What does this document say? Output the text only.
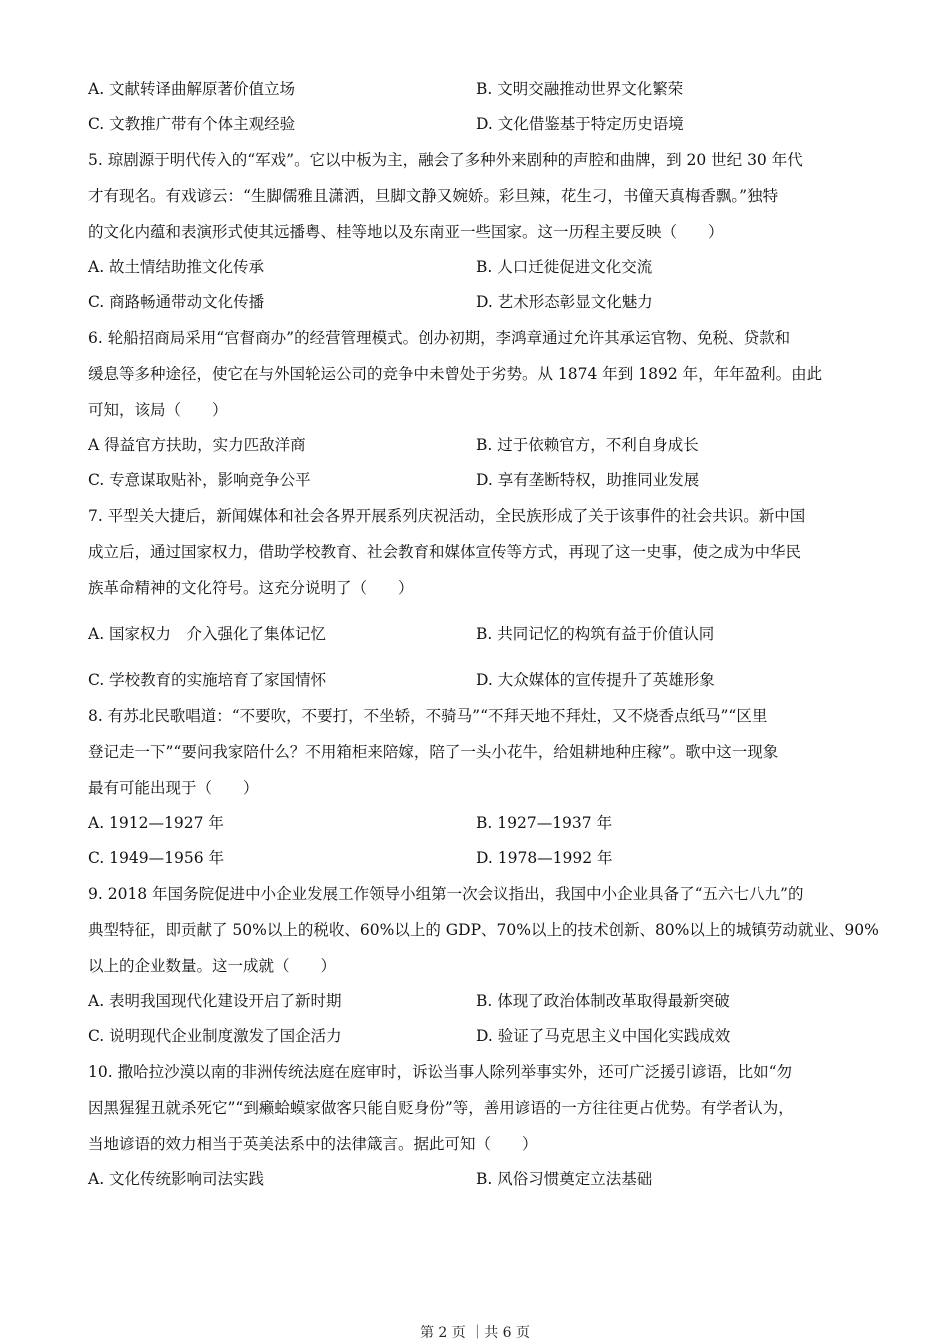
A. 文献转译曲解原著价值立场	B. 文明交融推动世界文化繁荣
C. 文教推广带有个体主观经验	D. 文化借鉴基于特定历史语境
5. 琼剧源于明代传入的“军戏”。它以中板为主，融会了多种外来剧种的声腔和曲牌，到 20 世纪 30 年代
才有现名。有戏谚云：“生脚儒雅且潇洒，旦脚文静又婉娇。彩旦辣，花生刁，书僮天真梅香飘。”独特
的文化内蕴和表演形式使其远播粤、桂等地以及东南亚一些国家。这一历程主要反映（　　）
A. 故土情结助推文化传承	B. 人口迁徙促进文化交流
C. 商路畅通带动文化传播	D. 艺术形态彰显文化魅力
6. 轮船招商局采用“官督商办”的经营管理模式。创办初期，李鸿章通过允许其承运官物、免税、贷款和
缓息等多种途径，使它在与外国轮运公司的竞争中未曾处于劣势。从 1874 年到 1892 年，年年盈利。由此
可知，该局（　　）
A 得益官方扶助，实力匹敌洋商	B. 过于依赖官方，不利自身成长
C. 专意谋取贴补，影响竞争公平	D. 享有垄断特权，助推同业发展
7. 平型关大捷后，新闻媒体和社会各界开展系列庆祝活动，全民族形成了关于该事件的社会共识。新中国
成立后，通过国家权力，借助学校教育、社会教育和媒体宣传等方式，再现了这一史事，使之成为中华民
族革命精神的文化符号。这充分说明了（　　）
A. 国家权力　介入强化了集体记忆	B. 共同记忆的构筑有益于价值认同
C. 学校教育的实施培育了家国情怀	D. 大众媒体的宣传提升了英雄形象
8. 有苏北民歌唱道：“不要吹，不要打，不坐轿，不骑马”“不拜天地不拜灶，又不烧香点纸马”“区里
登记走一下”“要问我家陪什么？不用箱柜来陪嫁，陪了一头小花牛，给姐耕地种庄稼”。歌中这一现象
最有可能出现于（　　）
A. 1912—1927 年	B. 1927—1937 年
C. 1949—1956 年	D. 1978—1992 年
9. 2018 年国务院促进中小企业发展工作领导小组第一次会议指出，我国中小企业具备了“五六七八九”的
典型特征，即贡献了 50%以上的税收、60%以上的 GDP、70%以上的技术创新、80%以上的城镇劳动就业、90%
以上的企业数量。这一成就（　　）
A. 表明我国现代化建设开启了新时期	B. 体现了政治体制改革取得最新突破
C. 说明现代企业制度激发了国企活力	D. 验证了马克思主义中国化实践成效
10. 撒哈拉沙漠以南的非洲传统法庭在庭审时，诉讼当事人除列举事实外，还可广泛援引谚语，比如“勿
因黑猩猩丑就杀死它”“到癞蛤蟆家做客只能自贬身份”等，善用谚语的一方往往更占优势。有学者认为，
当地谚语的效力相当于英美法系中的法律箴言。据此可知（　　）
A. 文化传统影响司法实践	B. 风俗习惯奠定立法基础
第 2 页 ｜共 6 页
